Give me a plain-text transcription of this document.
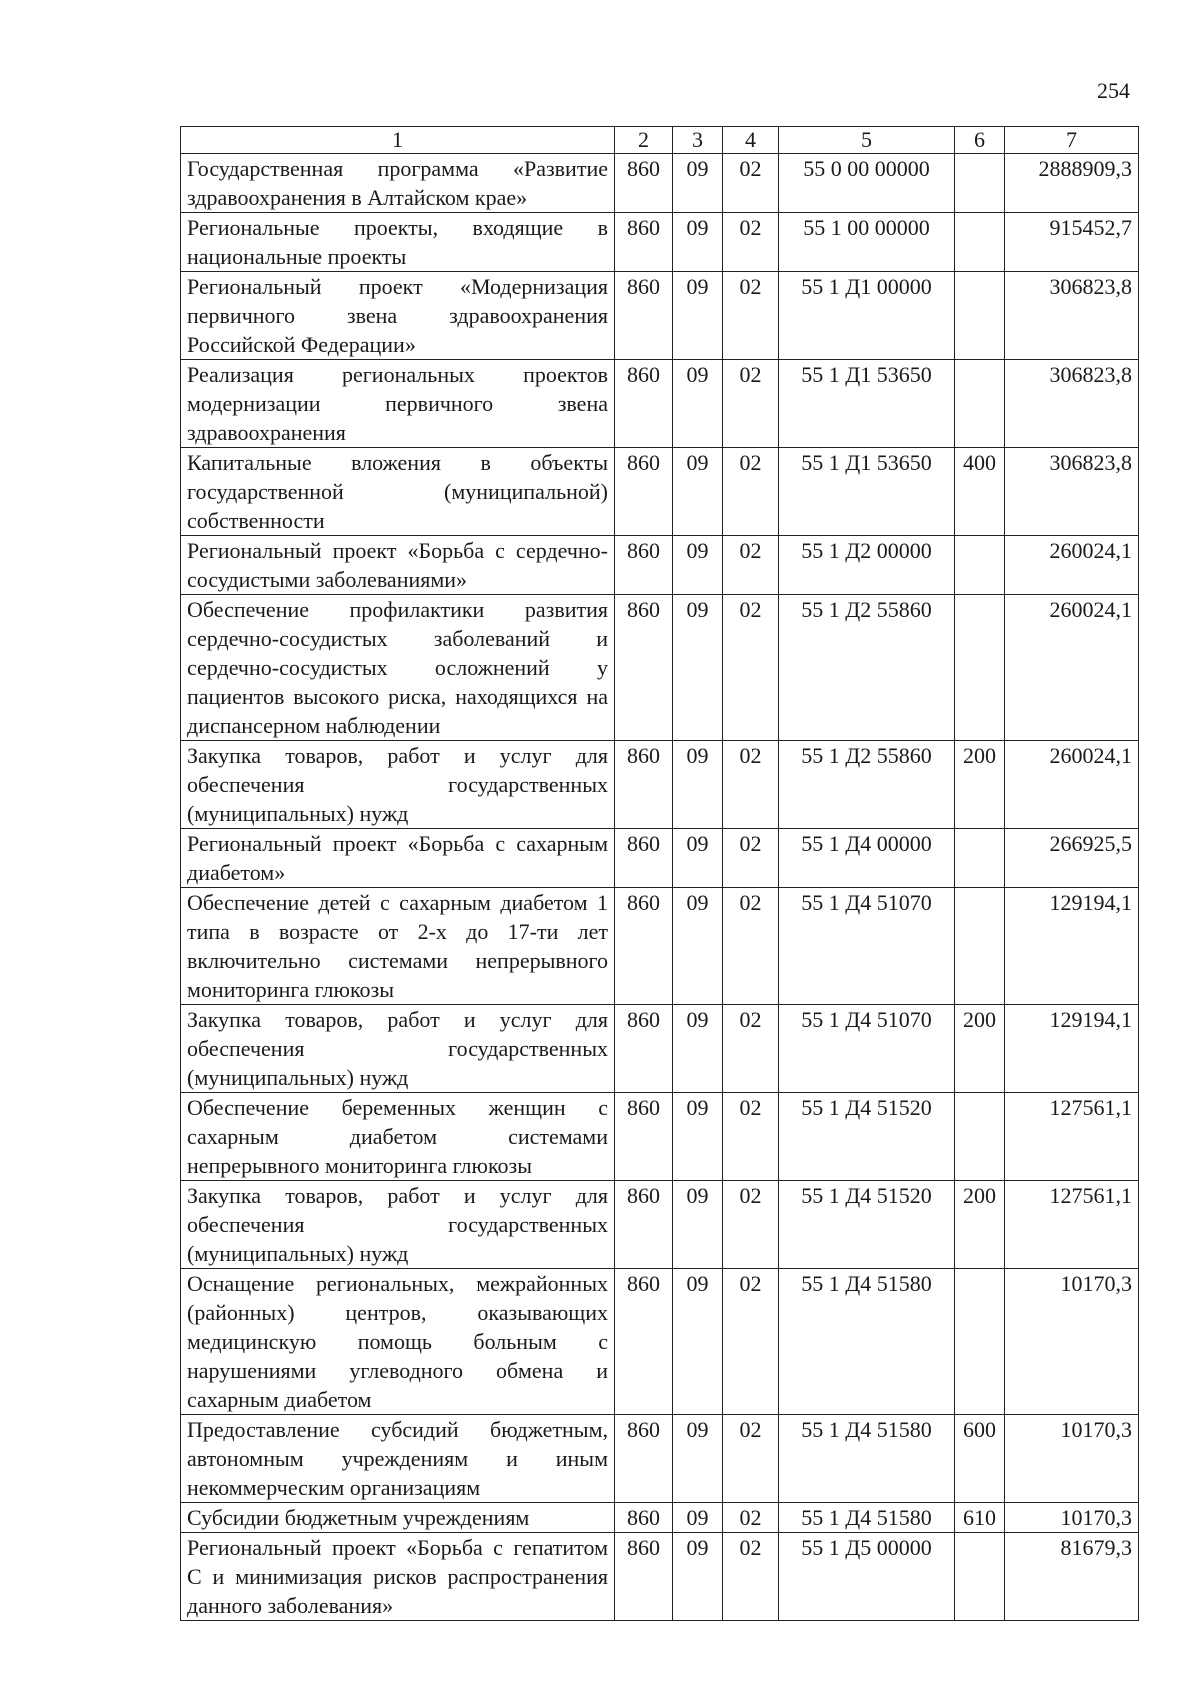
254
1	2	3	4	5	6	7
Государственная программа «Развитие здравоохранения в Алтайском крае»	860	09	02	55 0 00 00000		2888909,3
Региональные проекты, входящие в национальные проекты	860	09	02	55 1 00 00000		915452,7
Региональный проект «Модернизация первичного звена здравоохранения Российской Федерации»	860	09	02	55 1 Д1 00000		306823,8
Реализация региональных проектов модернизации первичного звена здравоохранения	860	09	02	55 1 Д1 53650		306823,8
Капитальные вложения в объекты государственной (муниципальной) собственности	860	09	02	55 1 Д1 53650	400	306823,8
Региональный проект «Борьба с сердечно-сосудистыми заболеваниями»	860	09	02	55 1 Д2 00000		260024,1
Обеспечение профилактики развития сердечно-сосудистых заболеваний и сердечно-сосудистых осложнений у пациентов высокого риска, находящихся на диспансерном наблюдении	860	09	02	55 1 Д2 55860		260024,1
Закупка товаров, работ и услуг для обеспечения государственных (муниципальных) нужд	860	09	02	55 1 Д2 55860	200	260024,1
Региональный проект «Борьба с сахарным диабетом»	860	09	02	55 1 Д4 00000		266925,5
Обеспечение детей с сахарным диабетом 1 типа в возрасте от 2-х до 17-ти лет включительно системами непрерывного мониторинга глюкозы	860	09	02	55 1 Д4 51070		129194,1
Закупка товаров, работ и услуг для обеспечения государственных (муниципальных) нужд	860	09	02	55 1 Д4 51070	200	129194,1
Обеспечение беременных женщин с сахарным диабетом системами непрерывного мониторинга глюкозы	860	09	02	55 1 Д4 51520		127561,1
Закупка товаров, работ и услуг для обеспечения государственных (муниципальных) нужд	860	09	02	55 1 Д4 51520	200	127561,1
Оснащение региональных, межрайонных (районных) центров, оказывающих медицинскую помощь больным с нарушениями углеводного обмена и сахарным диабетом	860	09	02	55 1 Д4 51580		10170,3
Предоставление субсидий бюджетным, автономным учреждениям и иным некоммерческим организациям	860	09	02	55 1 Д4 51580	600	10170,3
Субсидии бюджетным учреждениям	860	09	02	55 1 Д4 51580	610	10170,3
Региональный проект «Борьба с гепатитом С и минимизация рисков распространения данного заболевания»	860	09	02	55 1 Д5 00000		81679,3
